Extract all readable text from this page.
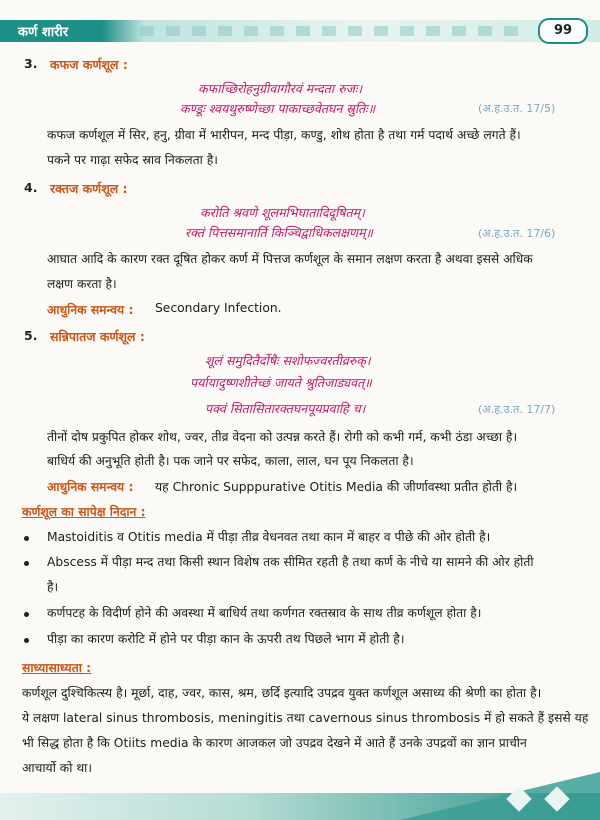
कर्ण शारीर	99
3. कफज कर्णशूल :
कफाच्छिरोहनुग्रीवागौरवं मन्दता रुजः।
कण्डूः श्वयथुरुष्णेच्छा पाकाच्छवेतघन स्रुतिः॥	(अ.ह.उ.त. 17/5)
कफज कर्णशूल में सिर, हनु, ग्रीवा में भारीपन, मन्द पीड़ा, कण्डु, शोथ होता है तथा गर्म पदार्थ अच्छे लगते हैं।
पकने पर गाढ़ा सफेद स्राव निकलता है।
4. रक्तज कर्णशूल :
करोति श्रवणे शूलमभिघातादिदूषितम्।
रक्तं पित्तसमानार्ति किञ्चिद्वाधिकलक्षणम्॥	(अ.ह.उ.त. 17/6)
आघात आदि के कारण रक्त दूषित होकर कर्ण में पित्तज कर्णशूल के समान लक्षण करता है अथवा इससे अधिक
लक्षण करता है।
आधुनिक समन्वय : Secondary Infection.
5. सन्निपातज कर्णशूल :
शूलं समुदितैर्दोषैः सशोफज्वरतीव्ररुक्।
पर्यायादुष्णशीतेच्छं जायते श्रुतिजाड्यवत्॥
पक्वं सितासितारक्तघनपूयप्रवाहि च।	(अ.ह.उ.त. 17/7)
तीनों दोष प्रकुपित होकर शोथ, ज्वर, तीव्र वेदना को उत्पन्न करते हैं। रोगी को कभी गर्म, कभी ठंडा अच्छा है।
बाधिर्य की अनुभूति होती है। पक जाने पर सफेद, काला, लाल, घन पूय निकलता है।
आधुनिक समन्वय : यह Chronic Supppurative Otitis Media की जीर्णावस्था प्रतीत होती है।
कर्णशूल का सापेक्ष निदान :
Mastoiditis व Otitis media में पीड़ा तीव्र वेधनवत तथा कान में बाहर व पीछे की ओर होती है।
Abscess में पीड़ा मन्द तथा किसी स्थान विशेष तक सीमित रहती है तथा कर्ण के नीचे या सामने की ओर होती
है।
कर्णपटह के विदीर्ण होने की अवस्था में बाधिर्य तथा कर्णगत रक्तस्राव के साथ तीव्र कर्णशूल होता है।
पीड़ा का कारण करोटि में होने पर पीड़ा कान के ऊपरी तथ पिछले भाग में होती है।
साध्यासाध्यता :
कर्णशूल दुश्चिकित्स्य है। मूर्छा, दाह, ज्वर, कास, श्रम, छर्दि इत्यादि उपद्रव युक्त कर्णशूल असाध्य की श्रेणी का होता है।
ये लक्षण lateral sinus thrombosis, meningitis तथा cavernous sinus thrombosis में हो सकते हैं इससे यह
भी सिद्ध होता है कि Otiits media के कारण आजकल जो उपद्रव देखने में आते हैं उनके उपद्रवों का ज्ञान प्राचीन
आचार्यो को था।
